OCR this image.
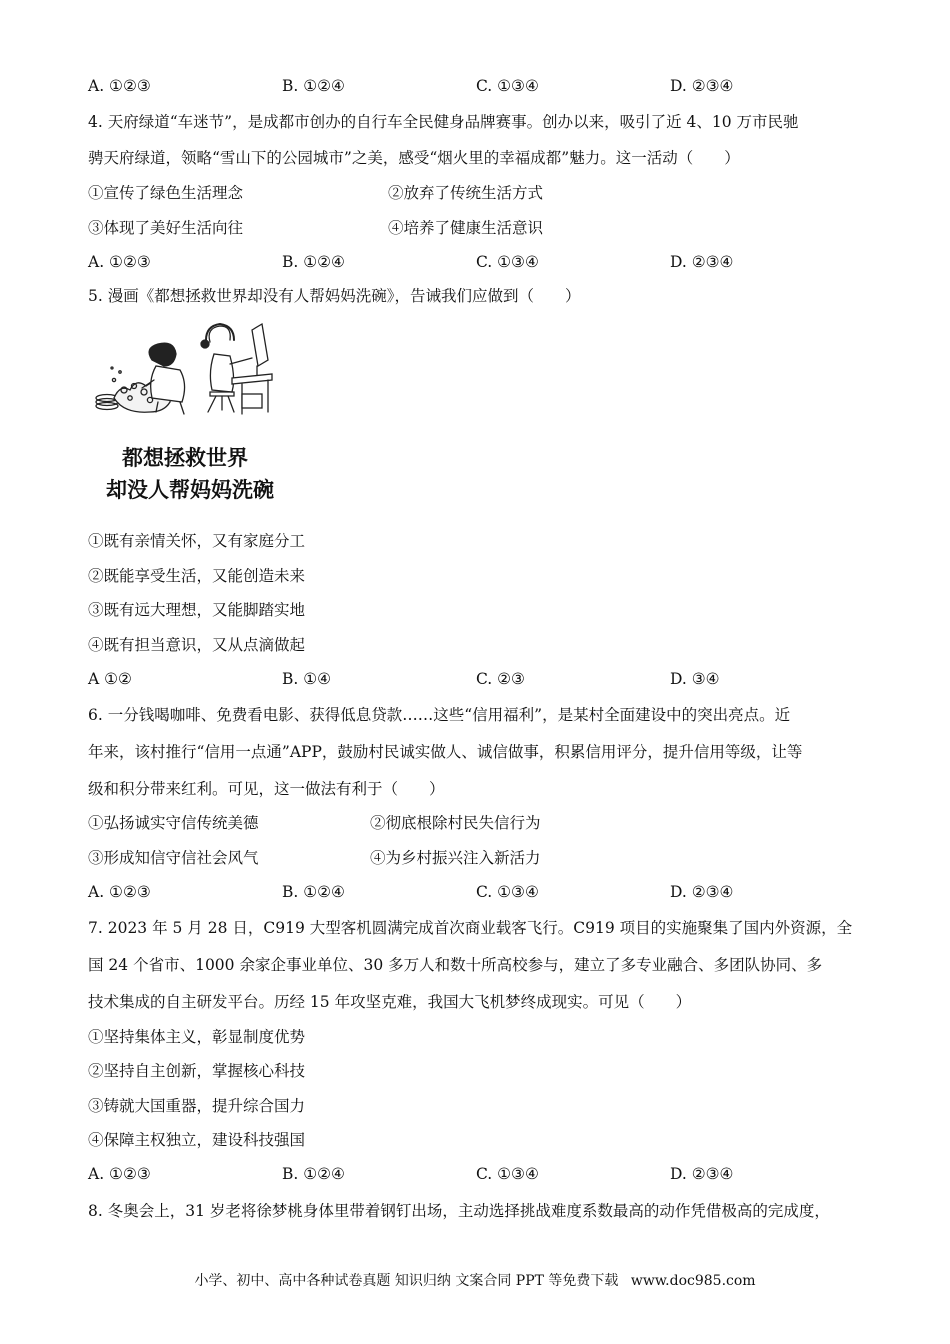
A. ①②③	B. ①②④	C. ①③④	D. ②③④
4. 天府绿道“车迷节”，是成都市创办的自行车全民健身品牌赛事。创办以来，吸引了近 4、10 万市民驰
骋天府绿道，领略“雪山下的公园城市”之美，感受“烟火里的幸福成都”魅力。这一活动（　　）
①宣传了绿色生活理念	②放弃了传统生活方式
③体现了美好生活向往	④培养了健康生活意识
A. ①②③	B. ①②④	C. ①③④	D. ②③④
5. 漫画《都想拯救世界却没有人帮妈妈洗碗》，告诫我们应做到（　　）
都想拯救世界
却没人帮妈妈洗碗
①既有亲情关怀，又有家庭分工
②既能享受生活，又能创造未来
③既有远大理想，又能脚踏实地
④既有担当意识，又从点滴做起
A ①②	B. ①④	C. ②③	D. ③④
6. 一分钱喝咖啡、免费看电影、获得低息贷款……这些“信用福利”，是某村全面建设中的突出亮点。近
年来，该村推行“信用一点通”APP，鼓励村民诚实做人、诚信做事，积累信用评分，提升信用等级，让等
级和积分带来红利。可见，这一做法有利于（　　）
①弘扬诚实守信传统美德	②彻底根除村民失信行为
③形成知信守信社会风气	④为乡村振兴注入新活力
A. ①②③	B. ①②④	C. ①③④	D. ②③④
7. 2023 年 5 月 28 日，C919 大型客机圆满完成首次商业载客飞行。C919 项目的实施聚集了国内外资源，全
国 24 个省市、1000 余家企事业单位、30 多万人和数十所高校参与，建立了多专业融合、多团队协同、多
技术集成的自主研发平台。历经 15 年攻坚克难，我国大飞机梦终成现实。可见（　　）
①坚持集体主义，彰显制度优势
②坚持自主创新，掌握核心科技
③铸就大国重器，提升综合国力
④保障主权独立，建设科技强国
A. ①②③	B. ①②④	C. ①③④	D. ②③④
8. 冬奥会上，31 岁老将徐梦桃身体里带着钢钉出场，主动选择挑战难度系数最高的动作凭借极高的完成度，
小学、初中、高中各种试卷真题 知识归纳 文案合同 PPT 等免费下载 www.doc985.com
